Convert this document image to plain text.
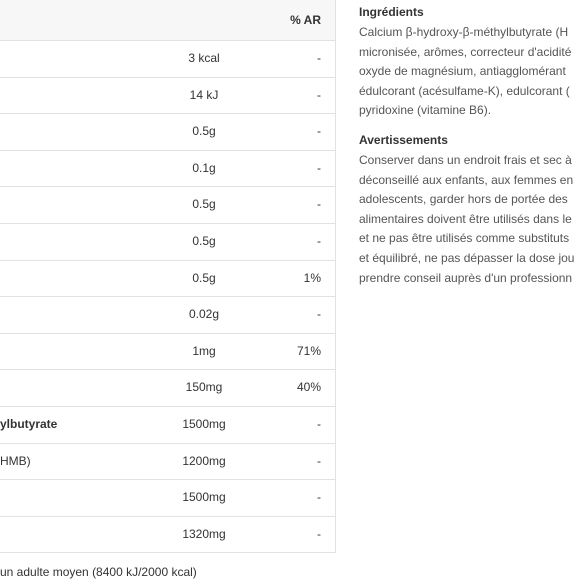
% AR
3 kcal	-
14 kJ	-
0.5g	-
0.1g	-
0.5g	-
0.5g	-
0.5g	1%
0.02g	-
1mg	71%
150mg	40%
ylbutyrate	1500mg	-
HMB)	1200mg	-
1500mg	-
1320mg	-
un adulte moyen (8400 kJ/2000 kcal)
Ingrédients
Calcium β-hydroxy-β-méthylbutyrate (H
micronisée, arômes, correcteur d'acidité
oxyde de magnésium, antiagglomérant
édulcorant (acésulfame-K), edulcorant (
pyridoxine (vitamine B6).
Avertissements
Conserver dans un endroit frais et sec à
déconseillé aux enfants, aux femmes en
adolescents, garder hors de portée des
alimentaires doivent être utilisés dans le
et ne pas être utilisés comme substituts
et équilibré, ne pas dépasser la dose jou
prendre conseil auprès d'un professionn
